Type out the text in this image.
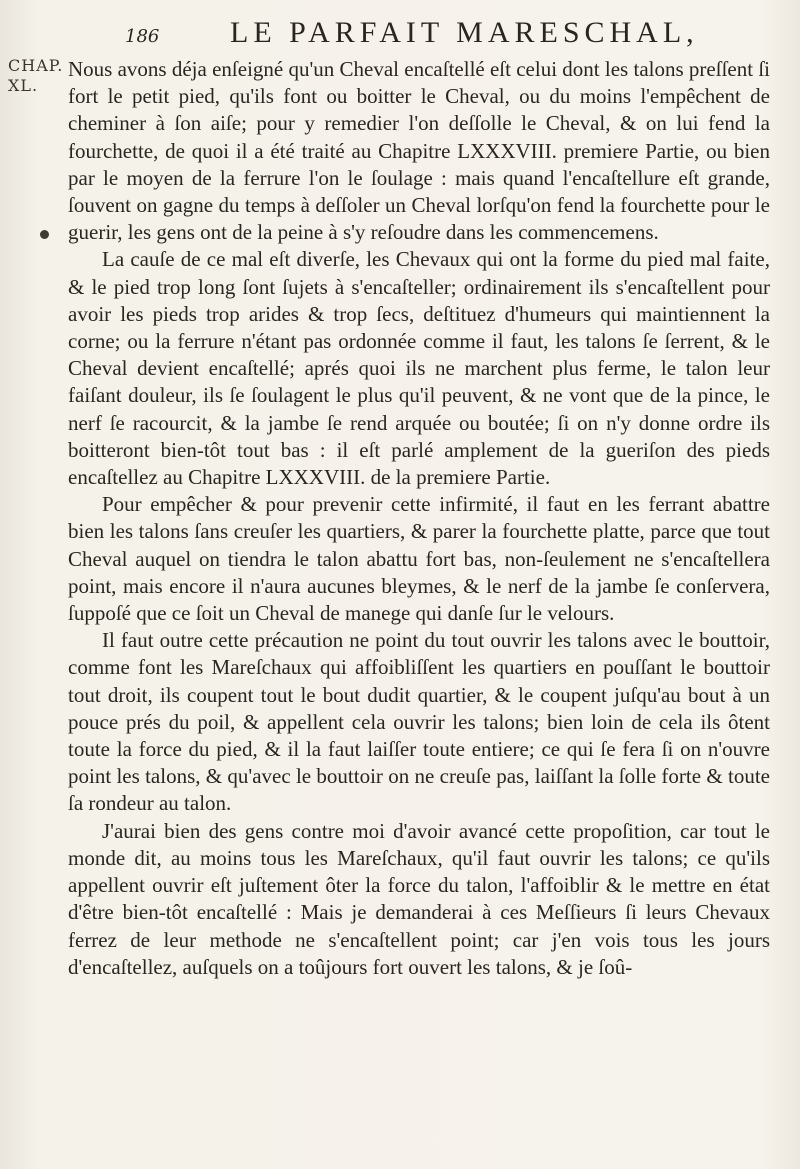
186 LE PARFAIT MARESCHAL,
CHAP.
XL.

Nous avons déja enſeigné qu'un Cheval encaſtellé eſt celui dont les talons preſſent ſi fort le petit pied, qu'ils font ou boitter le Cheval, ou du moins l'empêchent de cheminer à ſon aiſe; pour y remedier l'on deſſolle le Cheval, & on lui fend la fourchette, de quoi il a été traité au Chapitre LXXXVIII. premiere Partie, ou bien par le moyen de la ferrure l'on le ſoulage : mais quand l'encaſtellure eſt grande, ſouvent on gagne du temps à deſſoler un Cheval lorſqu'on fend la fourchette pour le guerir, les gens ont de la peine à s'y reſoudre dans les commencemens.

La cauſe de ce mal eſt diverſe, les Chevaux qui ont la forme du pied mal faite, & le pied trop long ſont ſujets à s'encaſteller; ordinairement ils s'encaſtellent pour avoir les pieds trop arides & trop ſecs, deſtituez d'humeurs qui maintiennent la corne; ou la ferrure n'étant pas ordonnée comme il faut, les talons ſe ſerrent, & le Cheval devient encaſtellé; aprés quoi ils ne marchent plus ferme, le talon leur faiſant douleur, ils ſe ſoulagent le plus qu'il peuvent, & ne vont que de la pince, le nerf ſe racourcit, & la jambe ſe rend arquée ou boutée; ſi on n'y donne ordre ils boitteront bien-tôt tout bas : il eſt parlé amplement de la gueriſon des pieds encaſtellez au Chapitre LXXXVIII. de la premiere Partie.

Pour empêcher & pour prevenir cette infirmité, il faut en les ferrant abattre bien les talons ſans creuſer les quartiers, & parer la fourchette platte, parce que tout Cheval auquel on tiendra le talon abattu fort bas, non-ſeulement ne s'encaſtellera point, mais encore il n'aura aucunes bleymes, & le nerf de la jambe ſe conſervera, ſuppoſé que ce ſoit un Cheval de manege qui danſe ſur le velours.

Il faut outre cette précaution ne point du tout ouvrir les talons avec le bouttoir, comme font les Mareſchaux qui affoibliſſent les quartiers en pouſſant le bouttoir tout droit, ils coupent tout le bout dudit quartier, & le coupent juſqu'au bout à un pouce prés du poil, & appellent cela ouvrir les talons; bien loin de cela ils ôtent toute la force du pied, & il la faut laiſſer toute entiere; ce qui ſe fera ſi on n'ouvre point les talons, & qu'avec le bouttoir on ne creuſe pas, laiſſant la ſolle forte & toute ſa rondeur au talon.

J'aurai bien des gens contre moi d'avoir avancé cette propoſition, car tout le monde dit, au moins tous les Mareſchaux, qu'il faut ouvrir les talons; ce qu'ils appellent ouvrir eſt juſtement ôter la force du talon, l'affoiblir & le mettre en état d'être bien-tôt encaſtellé : Mais je demanderai à ces Meſſieurs ſi leurs Chevaux ferrez de leur methode ne s'encaſtellent point; car j'en vois tous les jours d'encaſtellez, auſquels on a toûjours fort ouvert les talons, & je ſoû-
